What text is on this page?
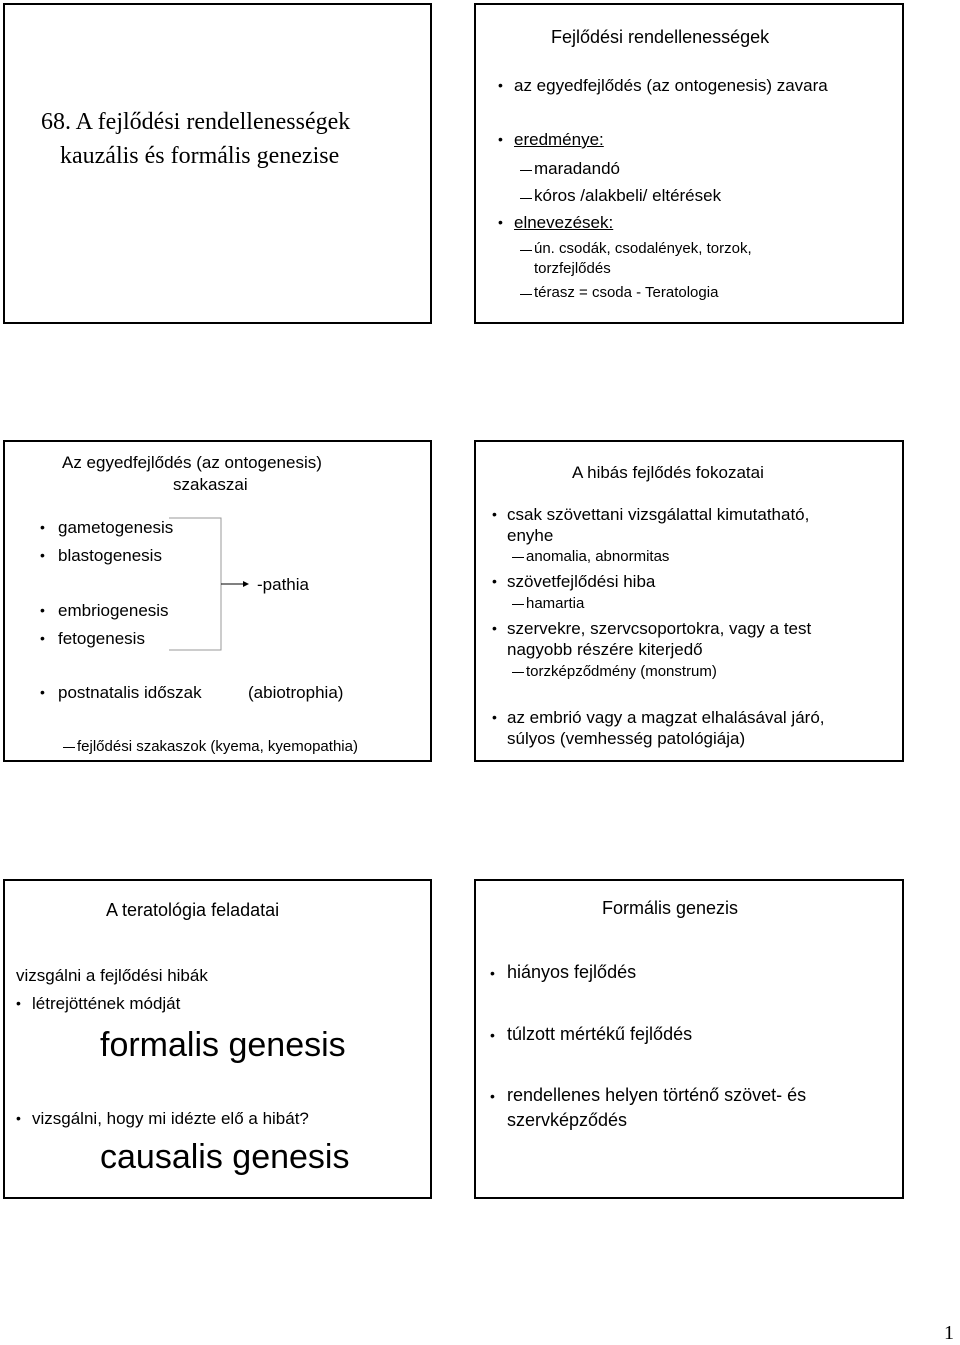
68. A fejlődési rendellenességek
kauzális és formális genezise
Fejlődési rendellenességek
• az egyedfejlődés (az ontogenesis) zavara
• eredménye:
maradandó
kóros /alakbeli/ eltérések
• elnevezések:
ún. csodák, csodalények, torzok,
torzfejlődés
térasz = csoda - Teratologia
Az egyedfejlődés (az ontogenesis)
szakaszai
• gametogenesis
• blastogenesis
• embriogenesis
• fetogenesis
-pathia
• postnatalis időszak	(abiotrophia)
fejlődési szakaszok (kyema, kyemopathia)
A hibás fejlődés fokozatai
• csak szövettani vizsgálattal kimutatható,
enyhe
anomalia, abnormitas
• szövetfejlődési hiba
hamartia
• szervekre, szervcsoportokra, vagy a test
nagyobb részére kiterjedő
torzképződmény (monstrum)
• az embrió vagy a magzat elhalásával járó,
súlyos (vemhesség patológiája)
A teratológia feladatai
vizsgálni a fejlődési hibák
• létrejöttének módját
formalis genesis
• vizsgálni, hogy mi idézte elő a hibát?
causalis genesis
Formális genezis
• hiányos fejlődés
• túlzott mértékű fejlődés
• rendellenes helyen történő szövet- és
szervképződés
1
